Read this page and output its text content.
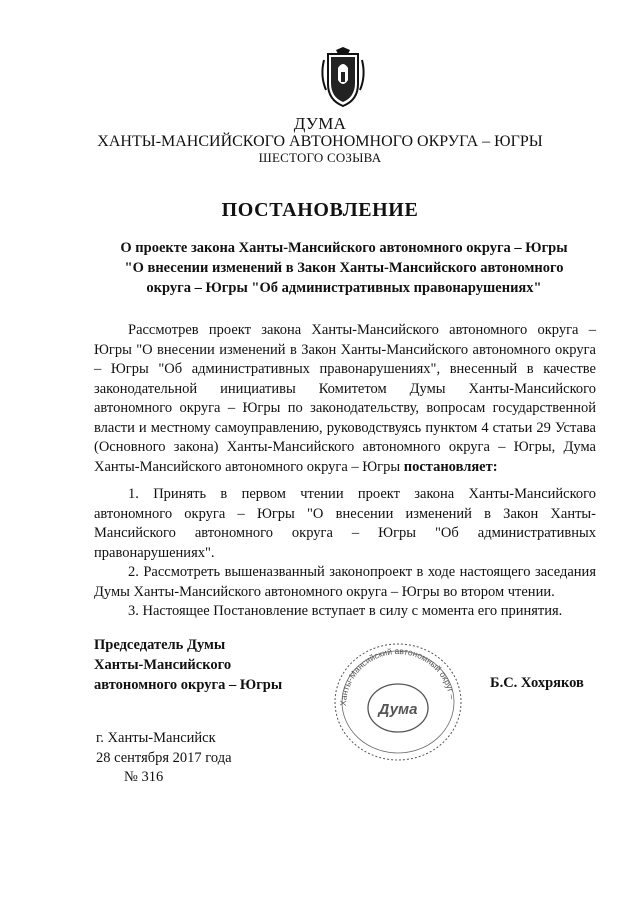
ДУМА
ХАНТЫ-МАНСИЙСКОГО АВТОНОМНОГО ОКРУГА – ЮГРЫ
ШЕСТОГО СОЗЫВА
ПОСТАНОВЛЕНИЕ
О проекте закона Ханты-Мансийского автономного округа – Югры
"О внесении изменений в Закон Ханты-Мансийского автономного
округа – Югры "Об административных правонарушениях"
Рассмотрев проект закона Ханты-Мансийского автономного округа – Югры "О внесении изменений в Закон Ханты-Мансийского автономного округа – Югры "Об административных правонарушениях", внесенный в качестве законодательной инициативы Комитетом Думы Ханты-Мансийского автономного округа – Югры по законодательству, вопросам государственной власти и местному самоуправлению, руководствуясь пунктом 4 статьи 29 Устава (Основного закона) Ханты-Мансийского автономного округа – Югры, Дума Ханты-Мансийского автономного округа – Югры постановляет:

1. Принять в первом чтении проект закона Ханты-Мансийского автономного округа – Югры "О внесении изменений в Закон Ханты-Мансийского автономного округа – Югры "Об административных правонарушениях".

2. Рассмотреть вышеназванный законопроект в ходе настоящего заседания Думы Ханты-Мансийского автономного округа – Югры во втором чтении.

3. Настоящее Постановление вступает в силу с момента его принятия.

Председатель Думы
Ханты-Мансийского
автономного округа – Югры
Ханты-Мансийский автономный округ –
Дума
Б.С. Хохряков
г. Ханты-Мансийск
28 сентября 2017 года
№ 316
